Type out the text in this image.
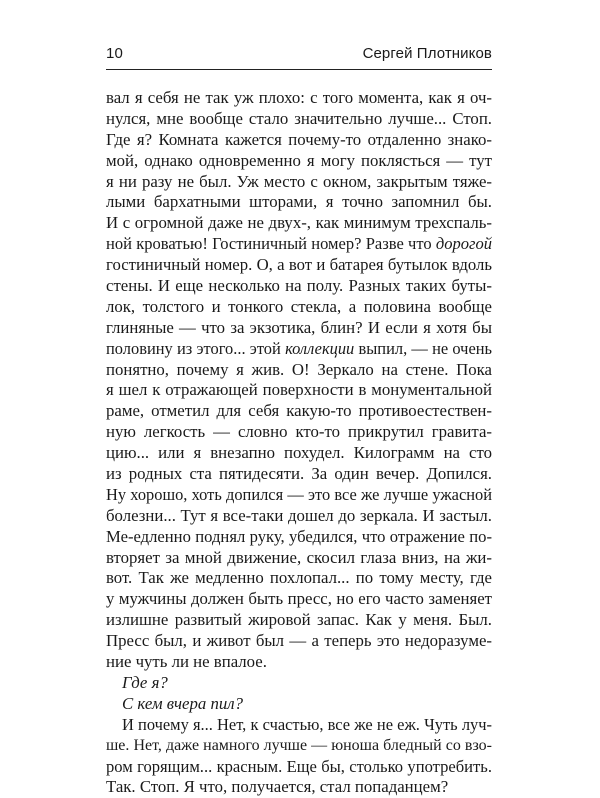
10	Сергей Плотников
вал я себя не так уж плохо: с того момента, как я оч-
нулся, мне вообще стало значительно лучше... Стоп.
Где я? Комната кажется почему-то отдаленно знако-
мой, однако одновременно я могу поклясться — тут
я ни разу не был. Уж место с окном, закрытым тяже-
лыми бархатными шторами, я точно запомнил бы.
И с огромной даже не двух-, как минимум трехспаль-
ной кроватью! Гостиничный номер? Разве что дорогой
гостиничный номер. О, а вот и батарея бутылок вдоль
стены. И еще несколько на полу. Разных таких буты-
лок, толстого и тонкого стекла, а половина вообще
глиняные — что за экзотика, блин? И если я хотя бы
половину из этого... этой коллекции выпил, — не очень
понятно, почему я жив. О! Зеркало на стене. Пока
я шел к отражающей поверхности в монументальной
раме, отметил для себя какую-то противоестествен-
ную легкость — словно кто-то прикрутил гравита-
цию... или я внезапно похудел. Килограмм на сто
из родных ста пятидесяти. За один вечер. Допился.
Ну хорошо, хоть допился — это все же лучше ужасной
болезни... Тут я все-таки дошел до зеркала. И застыл.
Ме-едленно поднял руку, убедился, что отражение по-
вторяет за мной движение, скосил глаза вниз, на жи-
вот. Так же медленно похлопал... по тому месту, где
у мужчины должен быть пресс, но его часто заменяет
излишне развитый жировой запас. Как у меня. Был.
Пресс был, и живот был — а теперь это недоразуме-
ние чуть ли не впалое.
Где я?
С кем вчера пил?
И почему я... Нет, к счастью, все же не еж. Чуть луч-
ше. Нет, даже намного лучше — юноша бледный со взо-
ром горящим... красным. Еще бы, столько употребить.
Так. Стоп. Я что, получается, стал попаданцем?
